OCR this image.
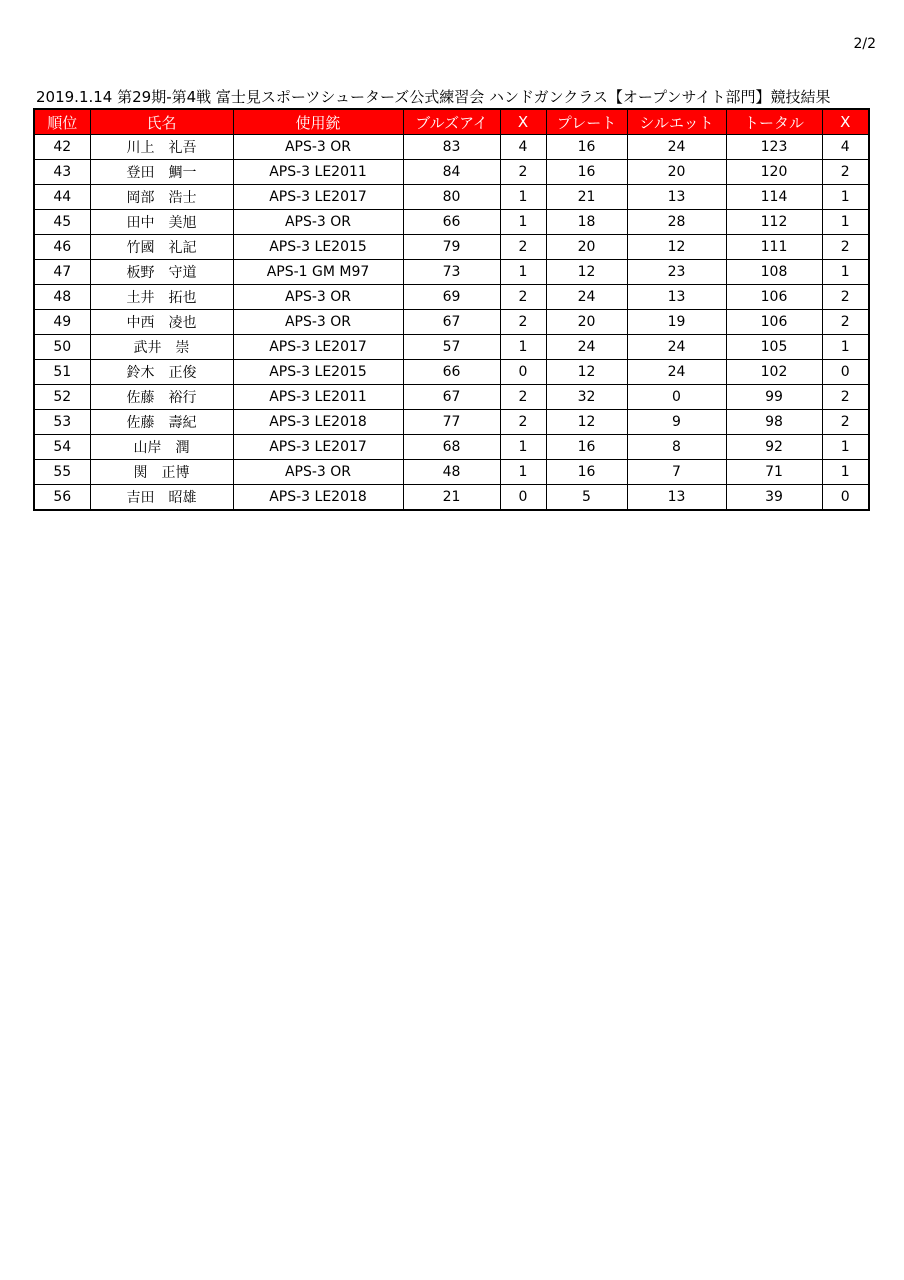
2/2
2019.1.14 第29期-第4戦 富士見スポーツシューターズ公式練習会 ハンドガンクラス【オープンサイト部門】競技結果
順位	氏名	使用銃	ブルズアイ	X	プレート	シルエット	トータル	X
42	川上　礼吾	APS-3 OR	83	4	16	24	123	4
43	登田　鯛一	APS-3 LE2011	84	2	16	20	120	2
44	岡部　浩士	APS-3 LE2017	80	1	21	13	114	1
45	田中　美旭	APS-3 OR	66	1	18	28	112	1
46	竹國　礼記	APS-3 LE2015	79	2	20	12	111	2
47	板野　守道	APS-1 GM M97	73	1	12	23	108	1
48	土井　拓也	APS-3 OR	69	2	24	13	106	2
49	中西　凌也	APS-3 OR	67	2	20	19	106	2
50	武井　崇	APS-3 LE2017	57	1	24	24	105	1
51	鈴木　正俊	APS-3 LE2015	66	0	12	24	102	0
52	佐藤　裕行	APS-3 LE2011	67	2	32	0	99	2
53	佐藤　壽紀	APS-3 LE2018	77	2	12	9	98	2
54	山岸　潤	APS-3 LE2017	68	1	16	8	92	1
55	関　正博	APS-3 OR	48	1	16	7	71	1
56	吉田　昭雄	APS-3 LE2018	21	0	5	13	39	0
